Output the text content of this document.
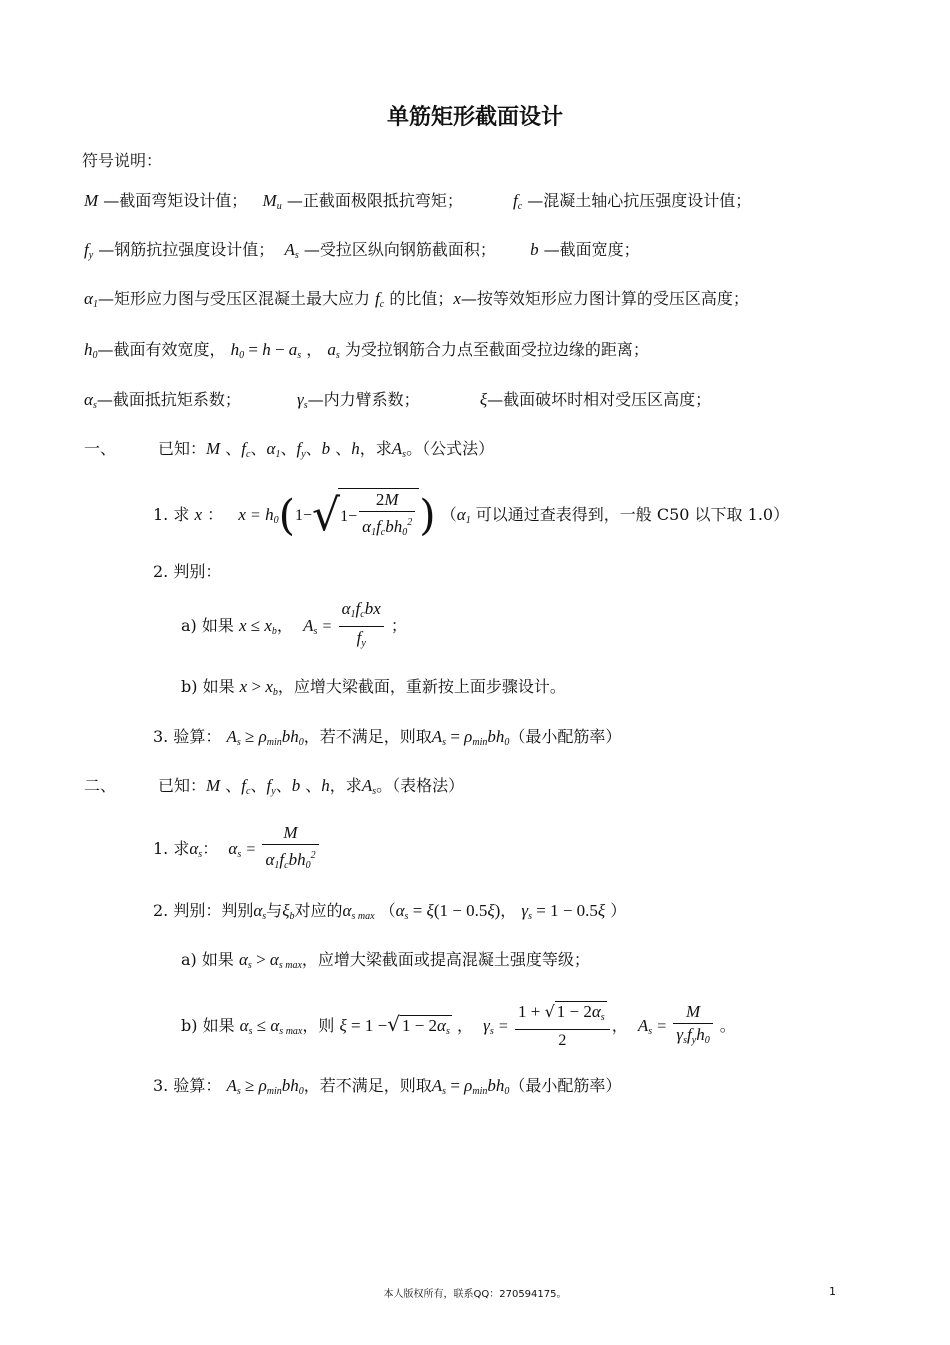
单筋矩形截面设计
符号说明：
M —截面弯矩设计值； $M_u$ —正截面极限抵抗弯矩；	$f_c$ —混凝土轴心抗压强度设计值；
$f_y$ —钢筋抗拉强度设计值； $A_s$ —受拉区纵向钢筋截面积； b —截面宽度；
$\alpha_1—$矩形应力图与受压区混凝土最大应力 $f_c$ 的比值；x—按等效矩形应力图计算的受压区高度；
$h_0—$截面有效宽度， $h_0 = h - a_s$ ， $a_s$ 为受拉钢筋合力点至截面受拉边缘的距离；
$\alpha_s—$截面抵抗矩系数；	$\gamma_s—$内力臂系数；	ξ—截面破坏时相对受压区高度；
一、	已知：M 、$f_c$、$\alpha_1$、$f_y$、b 、h，求$A_s$。（公式法）
1. 求 x ：   $x = h_0(1-√1- \frac{2M}{\alpha_1f_cbh_0^2}$ ) （$\alpha_1$ 可以通过查表得到，一般 C50 以下取 1.0）
2. 判别：
a) 如果 $x \le x_b$，  $A_s = \frac{\alpha_1f_cbx}{f_y}$ ；
b) 如果 $x > x_b$，应增大梁截面，重新按上面步骤设计。
3. 验算： $A_s \ge \rho_{min}bh_0$，若不满足，则取$A_s = \rho_{min}bh_0$（最小配筋率）
二、	已知：M 、$f_c$、$f_y$、b 、h，求$A_s$。（表格法）
1. 求$\alpha_s$：  $\alpha_s = \frac{M}{\alpha_1f_cbh_0^2}$
2. 判别：判别$\alpha_s$与$\xi_b$对应的$\alpha_{s max}$ （$\alpha_s = \xi(1 - 0.5\xi)$， $\gamma_s = 1 - 0.5\xi$ ）
a) 如果 $\alpha_s > \alpha_{s max}$，应增大梁截面或提高混凝土强度等级；
b) 如果 $\alpha_s \le \alpha_{s max}$，则 ξ = 1 −√ $1 - 2\alpha_s$ ，  $\gamma_s = \frac{1 + √ 1 - 2\alpha_s}{2}$ ，  $A_s = \frac{M}{\gamma_sf_yh_0}$ 。
3. 验算： $A_s \ge \rho_{min}bh_0$，若不满足，则取$A_s = \rho_{min}bh_0$（最小配筋率）
本人版权所有，联系QQ：270594175。	1
